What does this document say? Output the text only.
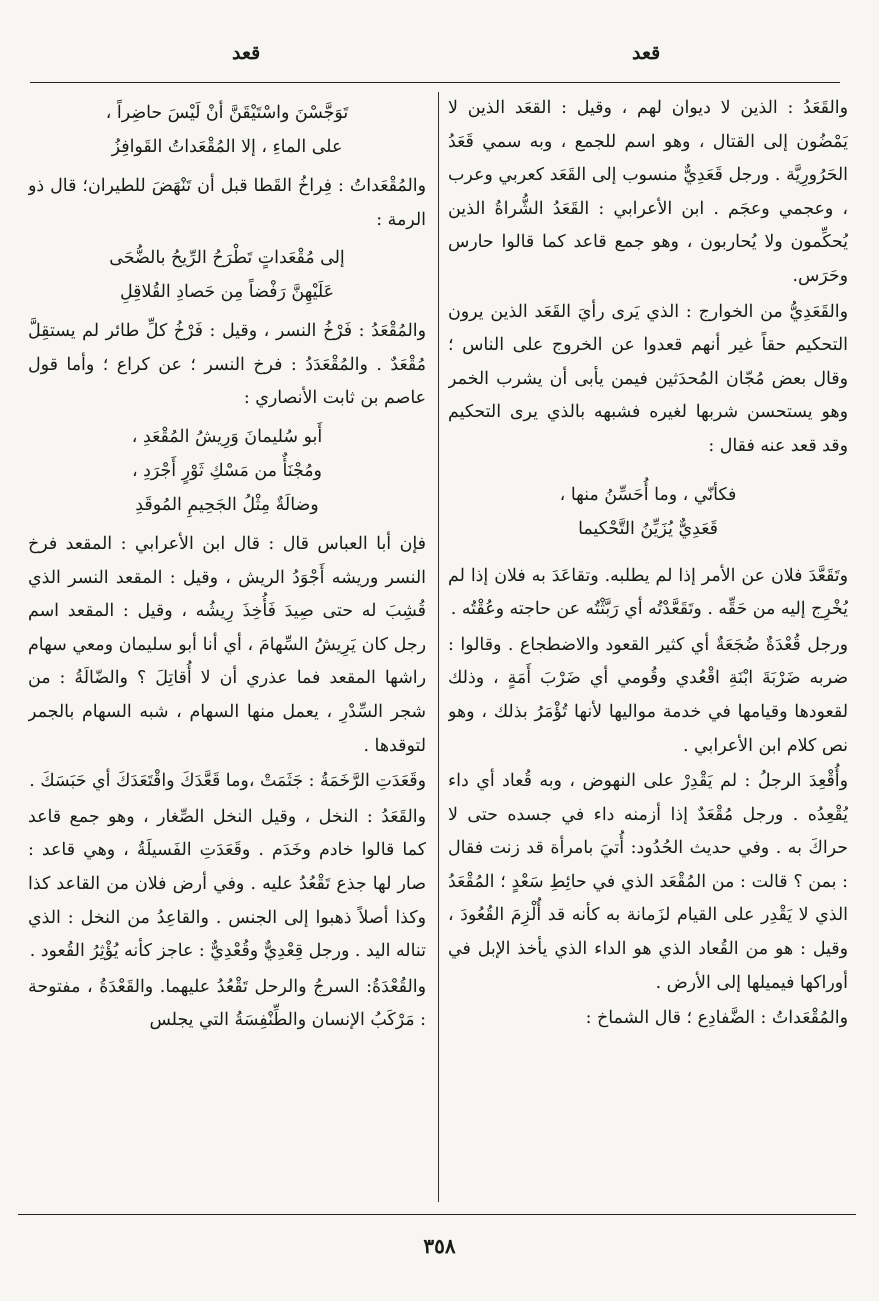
قعد	قعد

والقَعَدُ : الذين لا ديوان لهم ، وقيل : القعَد الذين لا يَمْضُون إلى القتال ، وهو اسم للجمع ، وبه سمي قَعَدُ الحَرُورِيَّة . ورجل قَعَدِيٌّ منسوب إلى القَعَد كعربي وعرب ، وعجمي وعجَم . ابن الأعرابي : القَعَدُ الشُّراةُ الذين يُحكِّمون ولا يُحاربون ، وهو جمع قاعد كما قالوا حارس وحَرَس.

والقَعَدِيُّ من الخوارج : الذي يَرى رأيَ القَعَد الذين يرون التحكيم حقاً غير أنهم قعدوا عن الخروج على الناس ؛ وقال بعض مُجّان المُحدَثين فيمن يأبى أن يشرب الخمر وهو يستحسن شربها لغيره فشبهه بالذي يرى التحكيم وقد قعد عنه فقال :

فكأنّي ، وما أُحَسِّنُ منها ،
قَعَدِيٌّ يُزَيِّنُ التَّحْكيما

وتَقَعَّدَ فلان عن الأمر إذا لم يطلبه. وتقاعَدَ به فلان إذا لم يُخْرِج إليه من حَقِّه . وتَقَعَّدْتُه أي رَبَّثْتُه عن حاجته وعُقْتُه .

ورجل قُعْدَةٌ ضُجَعَةٌ أي كثير القعود والاضطجاع . وقالوا : ضربه ضَرْبَةَ ابْنَةِ اقْعُدي وقُومي أي ضَرْبَ أَمَةٍ ، وذلك لقعودها وقيامها في خدمة مواليها لأنها تُؤْمَرُ بذلك ، وهو نص كلام ابن الأعرابي .

وأُقْعِدَ الرجلُ : لم يَقْدِرْ على النهوض ، وبه قُعاد أي داء يُقْعِدُه . ورجل مُقْعَدٌ إذا أزمنه داء في جسده حتى لا حراكَ به . وفي حديث الحُدُود: أُتيَ بامرأة قد زنت فقال : بمن ؟ قالت : من المُقْعَد الذي في حائِطِ سَعْدٍ ؛ المُقْعَدُ الذي لا يَقْدِر على القيام لزَمانة به كأنه قد أُلْزِمَ القُعُودَ ، وقيل : هو من القُعاد الذي هو الداء الذي يأخذ الإبل في أوراكها فيميلها إلى الأرض .

والمُقْعَداتُ : الضَّفادِع ؛ قال الشماخ :

تَوَجَّسْنَ واسْتَيْقَنَّ أنْ لَيْسَ حاضِراً ،
على الماءِ ، إلا المُقْعَداتُ القَوافِزُ

والمُقْعَداتُ : فِراخُ القَطا قبل أن تَنْهَضَ للطيران؛ قال ذو الرمة :

إلى مُقْعَداتٍ تَطْرَحُ الرِّيحُ بالضُّحَى
عَلَيْهِنَّ رَفْضاً مِن حَصادِ القُلاقِلِ

والمُقْعَدُ : فَرْخُ النسر ، وقيل : فَرْخُ كلِّ طائر لم يستقِلَّ مُقْعَدٌ . والمُقْعَدَدُ : فرخ النسر ؛ عن كراع ؛ وأما قول عاصم بن ثابت الأنصاري :

أَبو سُليمانَ وَرِيشُ المُقْعَدِ ،
ومُجْنَأٌ من مَسْكِ ثَوْرٍ أَجْرَدِ ،
وضالَةٌ مِثْلُ الجَحِيمِ المُوقَدِ

فإن أبا العباس قال : قال ابن الأعرابي : المقعد فرخ النسر وريشه أَجْوَدُ الريش ، وقيل : المقعد النسر الذي قُشِبَ له حتى صِيدَ فَأُخِذَ رِيشُه ، وقيل : المقعد اسم رجل كان يَرِيشُ السِّهامَ ، أي أنا أبو سليمان ومعي سهام راشها المقعد فما عذري أن لا أُقاتِلَ ؟ والضّالَةُ : من شجر السِّدْرِ ، يعمل منها السهام ، شبه السهام بالجمر لتوقدها .

وقَعَدَتِ الرَّخَمَةُ : جَثَمَتْ ،وما قَعَّدَكَ واقْتَعَدَكَ أي حَبَسَكَ .

والقَعَدُ : النخل ، وقيل النخل الصِّغار ، وهو جمع قاعد كما قالوا خادم وخَدَم . وقَعَدَتِ الفَسيلَةُ ، وهي قاعد : صار لها جذع تَقْعُدُ عليه . وفي أرض فلان من القاعد كذا وكذا أصلاً ذهبوا إلى الجنس . والقاعِدُ من النخل : الذي تناله اليد . ورجل قِعْدِيٌّ وقُعْدِيٌّ : عاجز كأنه يُؤْثِرُ القُعود .

والقُعْدَةُ: السرجُ والرحل تَقْعُدُ عليهما. والقَعْدَةُ ، مفتوحة : مَرْكَبُ الإنسان والطِّنْفِسَةُ التي يجلس

٣٥٨
